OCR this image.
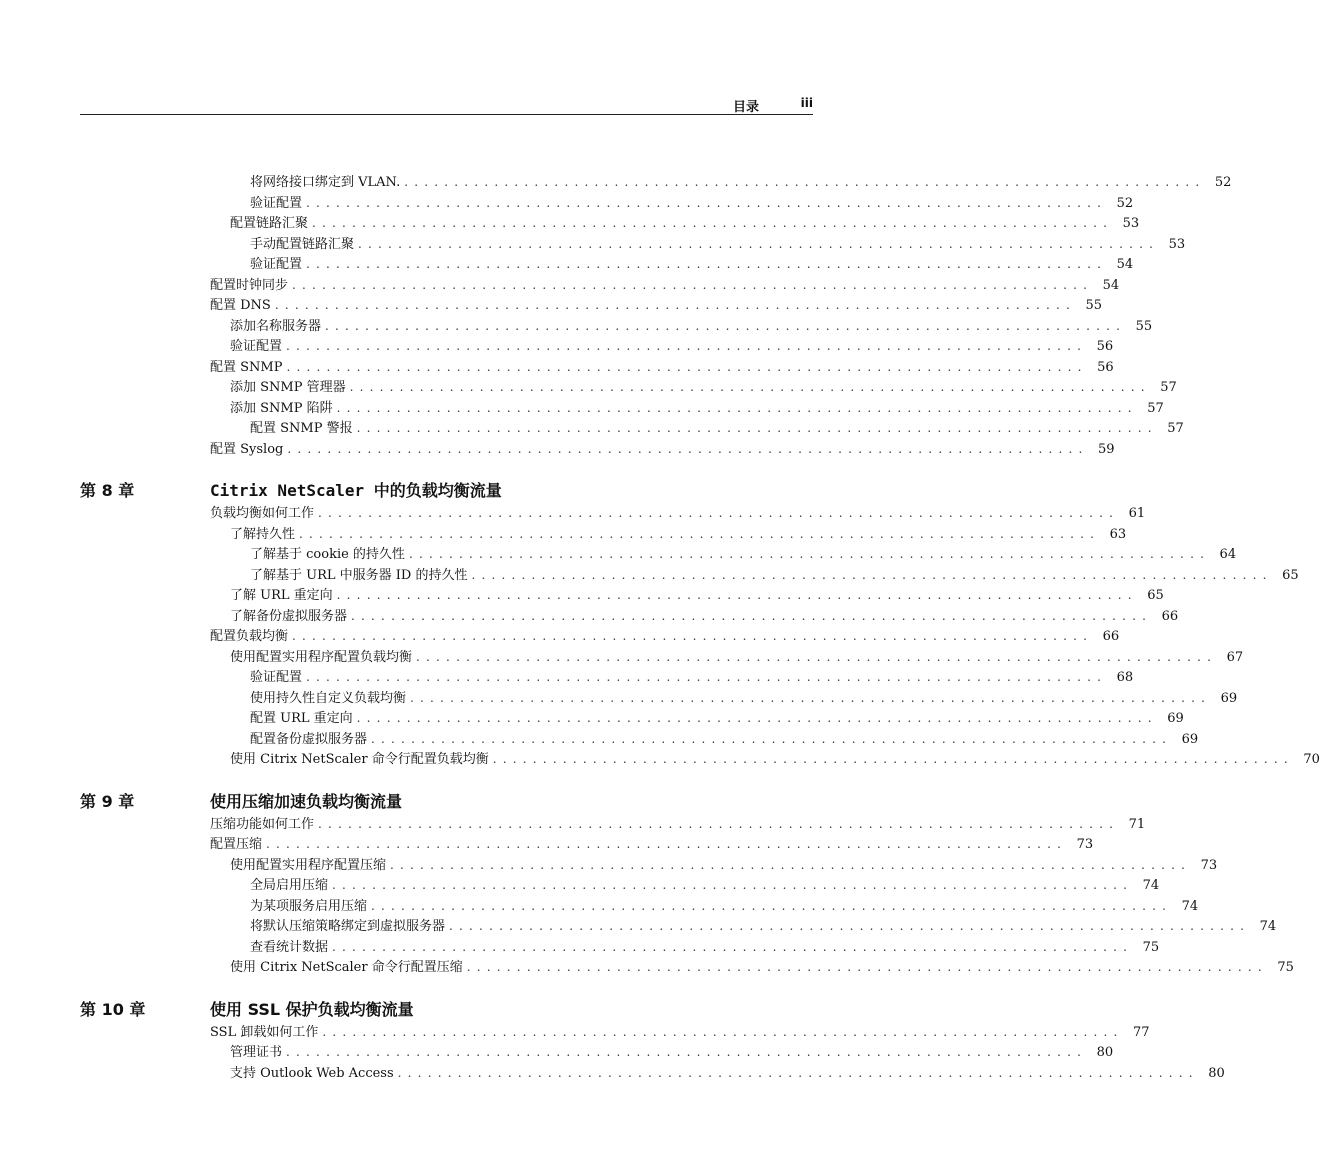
目录	iii
将网络接口绑定到 VLAN. ................................................................................ 52
验证配置 ................................................................................ 52
配置链路汇聚 ................................................................................ 53
手动配置链路汇聚 ................................................................................ 53
验证配置 ................................................................................ 54
配置时钟同步 ................................................................................ 54
配置 DNS ................................................................................ 55
添加名称服务器 ................................................................................ 55
验证配置 ................................................................................ 56
配置 SNMP ................................................................................ 56
添加 SNMP 管理器 ................................................................................ 57
添加 SNMP 陷阱 ................................................................................ 57
配置 SNMP 警报 ................................................................................ 57
配置 Syslog ................................................................................ 59
第 8 章	Citrix NetScaler 中的负载均衡流量
负载均衡如何工作 ................................................................................ 61
了解持久性 ................................................................................ 63
了解基于 cookie 的持久性 ................................................................................ 64
了解基于 URL 中服务器 ID 的持久性 ................................................................................ 65
了解 URL 重定向 ................................................................................ 65
了解备份虚拟服务器 ................................................................................ 66
配置负载均衡 ................................................................................ 66
使用配置实用程序配置负载均衡 ................................................................................ 67
验证配置 ................................................................................ 68
使用持久性自定义负载均衡 ................................................................................ 69
配置 URL 重定向 ................................................................................ 69
配置备份虚拟服务器 ................................................................................ 69
使用 Citrix NetScaler 命令行配置负载均衡 ................................................................................ 70
第 9 章	使用压缩加速负载均衡流量
压缩功能如何工作 ................................................................................ 71
配置压缩 ................................................................................ 73
使用配置实用程序配置压缩 ................................................................................ 73
全局启用压缩 ................................................................................ 74
为某项服务启用压缩 ................................................................................ 74
将默认压缩策略绑定到虚拟服务器 ................................................................................ 74
查看统计数据 ................................................................................ 75
使用 Citrix NetScaler 命令行配置压缩 ................................................................................ 75
第 10 章	使用 SSL 保护负载均衡流量
SSL 卸载如何工作 ................................................................................ 77
管理证书 ................................................................................ 80
支持 Outlook Web Access ................................................................................ 80
